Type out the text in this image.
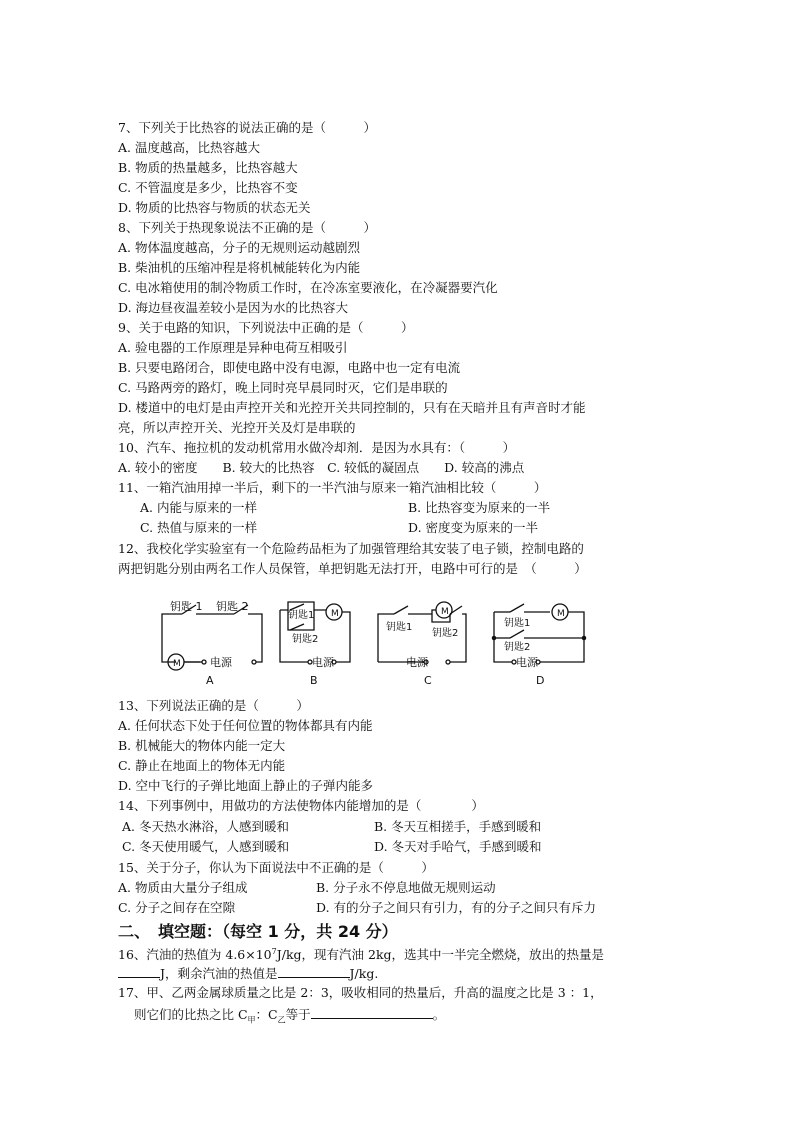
7、下列关于比热容的说法正确的是（　　　）
A. 温度越高，比热容越大
B. 物质的热量越多，比热容越大
C. 不管温度是多少，比热容不变
D. 物质的比热容与物质的状态无关
8、下列关于热现象说法不正确的是（　　　）
A. 物体温度越高，分子的无规则运动越剧烈
B. 柴油机的压缩冲程是将机械能转化为内能
C. 电冰箱使用的制冷物质工作时，在冷冻室要液化，在冷凝器要汽化
D. 海边昼夜温差较小是因为水的比热容大
9、关于电路的知识，下列说法中正确的是（　　　）
A. 验电器的工作原理是异种电荷互相吸引
B. 只要电路闭合，即使电路中没有电源，电路中也一定有电流
C. 马路两旁的路灯，晚上同时亮早晨同时灭，它们是串联的
D. 楼道中的电灯是由声控开关和光控开关共同控制的，只有在天暗并且有声音时才能
亮，所以声控开关、光控开关及灯是串联的
10、汽车、拖拉机的发动机常用水做冷却剂．是因为水具有：（　　　）
A. 较小的密度　　B. 较大的比热容　C. 较低的凝固点　　D. 较高的沸点
11、一箱汽油用掉一半后，剩下的一半汽油与原来一箱汽油相比较（　　　）
A. 内能与原来的一样	B. 比热容变为原来的一半
C. 热值与原来的一样	D. 密度变为原来的一半
12、我校化学实验室有一个危险药品柜为了加强管理给其安装了电子锁，控制电路的
两把钥匙分别由两名工作人员保管，单把钥匙无法打开，电路中可行的是　（　　　）
钥匙 1 钥匙 2
M	电源
A
钥匙1
钥匙2
M
电源
B
钥匙1
钥匙2
M
电源
C
钥匙1
钥匙2
M
电源
D
13、下列说法正确的是（　　　）
A. 任何状态下处于任何位置的物体都具有内能
B. 机械能大的物体内能一定大
C. 静止在地面上的物体无内能
D. 空中飞行的子弹比地面上静止的子弹内能多
14、下列事例中，用做功的方法使物体内能增加的是（　　　　）
A. 冬天热水淋浴，人感到暖和	B. 冬天互相搓手，手感到暖和
C. 冬天使用暖气，人感到暖和	D. 冬天对手哈气，手感到暖和
15、关于分子，你认为下面说法中不正确的是（　　　）
A. 物质由大量分子组成	B. 分子永不停息地做无规则运动
C. 分子之间存在空隙	D. 有的分子之间只有引力，有的分子之间只有斥力
二、　填空题：（每空 1 分，共 24 分）
16、汽油的热值为 $4.6\times 10^7J/kg$，现有汽油 2kg，选其中一半完全燃烧，放出的热量是
J，剩余汽油的热值是	J/kg.
17、甲、乙两金属球质量之比是 2：3，吸收相同的热量后，升高的温度之比是 3 ：1，
则它们的比热之比 $C_甲$：$C_乙$等于	。
